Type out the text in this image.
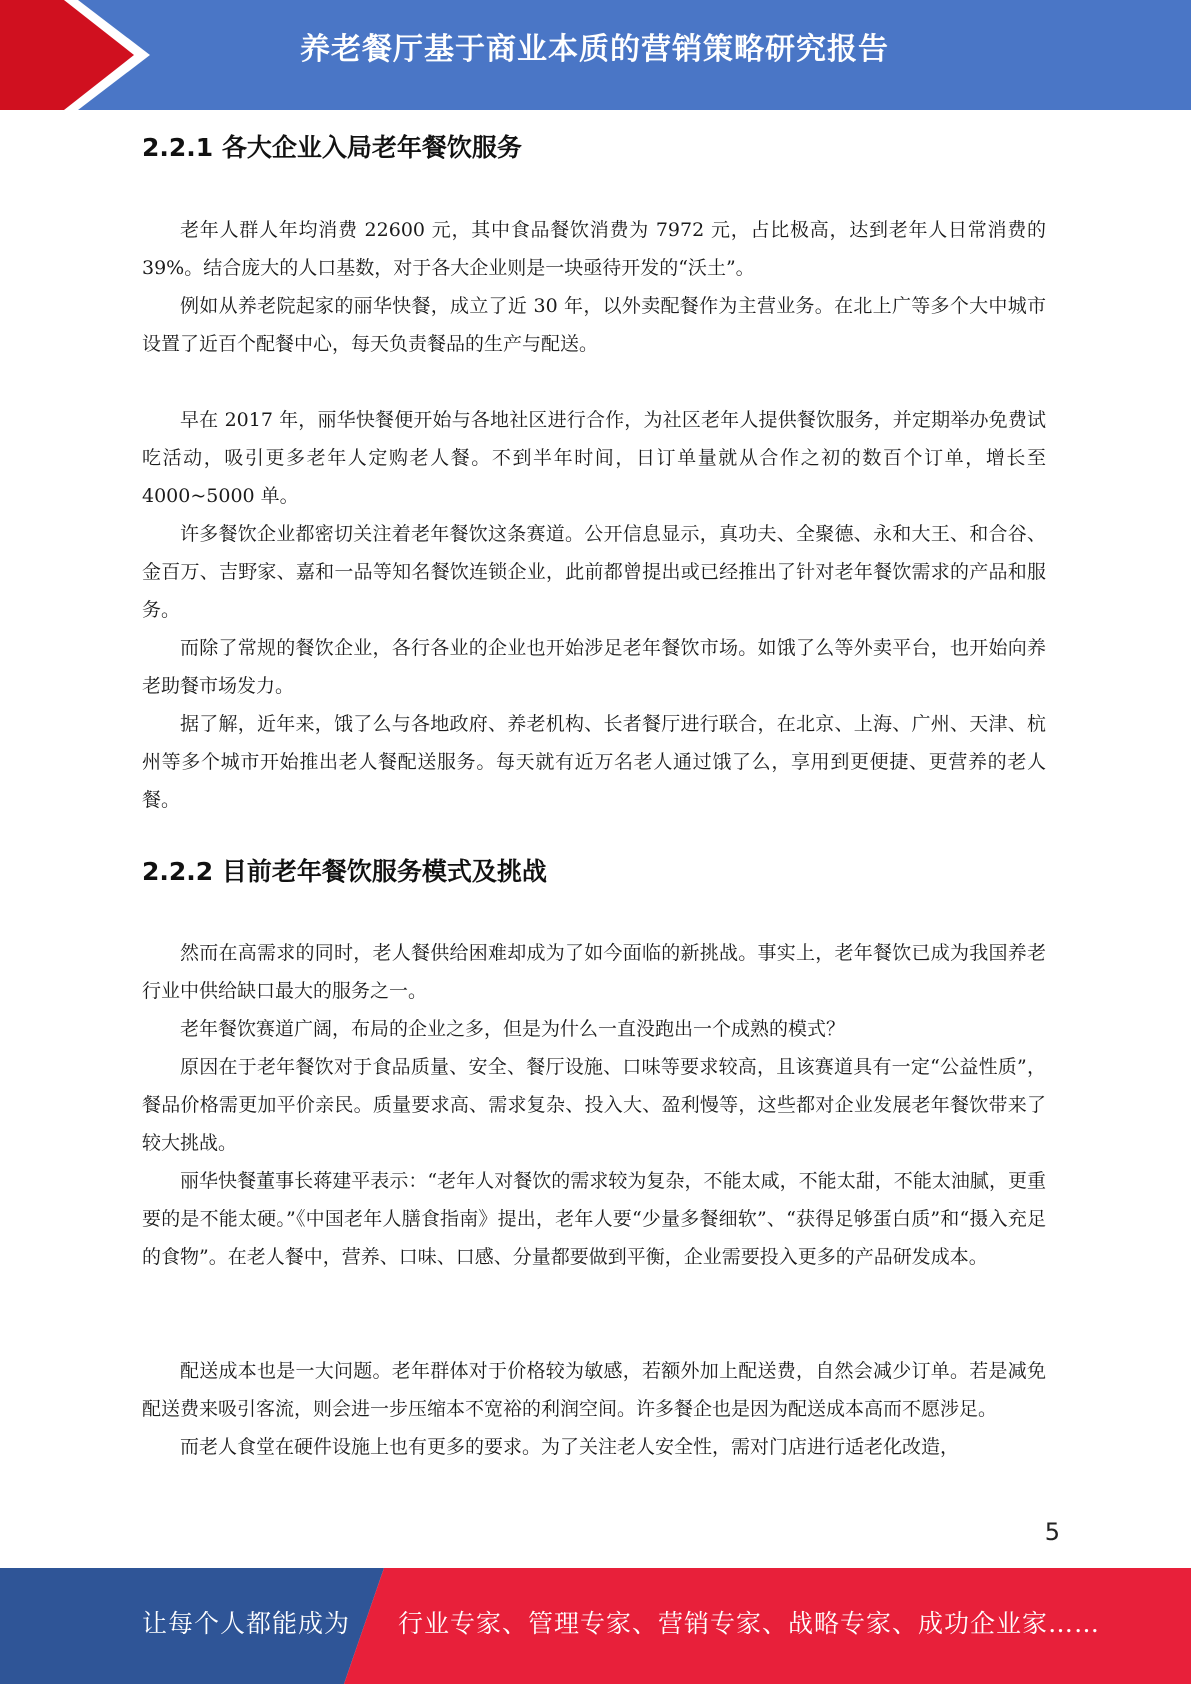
养老餐厅基于商业本质的营销策略研究报告
2.2.1 各大企业入局老年餐饮服务

老年人群人年均消费 22600 元，其中食品餐饮消费为 7972 元，占比极高，达到老年人日常消费的 39%。结合庞大的人口基数，对于各大企业则是一块亟待开发的“沃土”。

例如从养老院起家的丽华快餐，成立了近 30 年，以外卖配餐作为主营业务。在北上广等多个大中城市设置了近百个配餐中心，每天负责餐品的生产与配送。

早在 2017 年，丽华快餐便开始与各地社区进行合作，为社区老年人提供餐饮服务，并定期举办免费试吃活动，吸引更多老年人定购老人餐。不到半年时间，日订单量就从合作之初的数百个订单，增长至 4000~5000 单。

许多餐饮企业都密切关注着老年餐饮这条赛道。公开信息显示，真功夫、全聚德、永和大王、和合谷、金百万、吉野家、嘉和一品等知名餐饮连锁企业，此前都曾提出或已经推出了针对老年餐饮需求的产品和服务。

而除了常规的餐饮企业，各行各业的企业也开始涉足老年餐饮市场。如饿了么等外卖平台，也开始向养老助餐市场发力。

据了解，近年来，饿了么与各地政府、养老机构、长者餐厅进行联合，在北京、上海、广州、天津、杭州等多个城市开始推出老人餐配送服务。每天就有近万名老人通过饿了么，享用到更便捷、更营养的老人餐。

2.2.2 目前老年餐饮服务模式及挑战

然而在高需求的同时，老人餐供给困难却成为了如今面临的新挑战。事实上，老年餐饮已成为我国养老行业中供给缺口最大的服务之一。

老年餐饮赛道广阔，布局的企业之多，但是为什么一直没跑出一个成熟的模式？

原因在于老年餐饮对于食品质量、安全、餐厅设施、口味等要求较高，且该赛道具有一定“公益性质”，餐品价格需更加平价亲民。质量要求高、需求复杂、投入大、盈利慢等，这些都对企业发展老年餐饮带来了较大挑战。

丽华快餐董事长蒋建平表示：“老年人对餐饮的需求较为复杂，不能太咸，不能太甜，不能太油腻，更重要的是不能太硬。”《中国老年人膳食指南》提出，老年人要“少量多餐细软”、“获得足够蛋白质”和“摄入充足的食物”。在老人餐中，营养、口味、口感、分量都要做到平衡，企业需要投入更多的产品研发成本。

配送成本也是一大问题。老年群体对于价格较为敏感，若额外加上配送费，自然会减少订单。若是减免配送费来吸引客流，则会进一步压缩本不宽裕的利润空间。许多餐企也是因为配送成本高而不愿涉足。

而老人食堂在硬件设施上也有更多的要求。为了关注老人安全性，需对门店进行适老化改造，

5
让每个人都能成为 行业专家、管理专家、营销专家、战略专家、成功企业家……
